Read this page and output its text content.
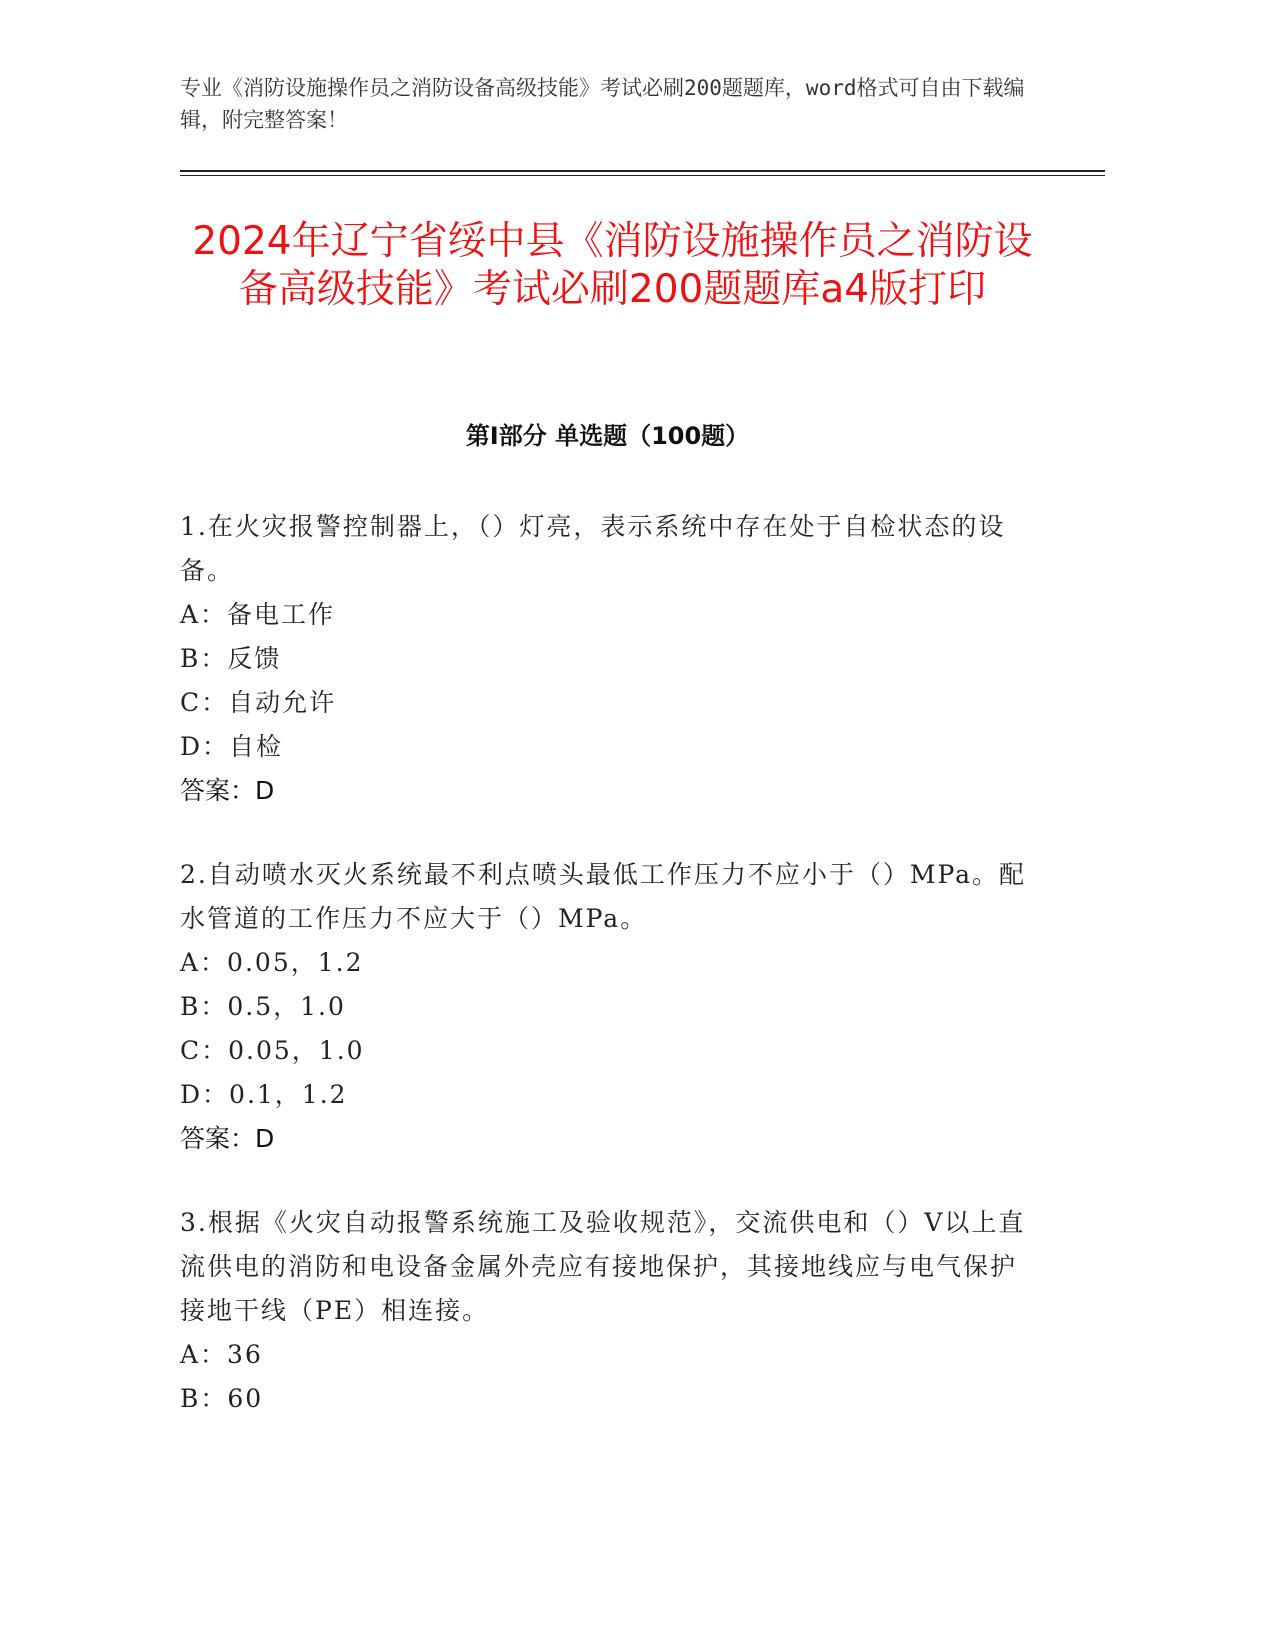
专业《消防设施操作员之消防设备高级技能》考试必刷200题题库，word格式可自由下载编辑，附完整答案！
2024年辽宁省绥中县《消防设施操作员之消防设备高级技能》考试必刷200题题库a4版打印
第I部分 单选题（100题）

1.在火灾报警控制器上，（）灯亮，表示系统中存在处于自检状态的设备。

A：备电工作

B：反馈

C：自动允许

D：自检

答案：D

2.自动喷水灭火系统最不利点喷头最低工作压力不应小于（）MPa。配水管道的工作压力不应大于（）MPa。

A：0.05，1.2

B：0.5，1.0

C：0.05，1.0

D：0.1，1.2

答案：D

3.根据《火灾自动报警系统施工及验收规范》，交流供电和（）V以上直流供电的消防和电设备金属外壳应有接地保护，其接地线应与电气保护接地干线（PE）相连接。

A：36

B：60
